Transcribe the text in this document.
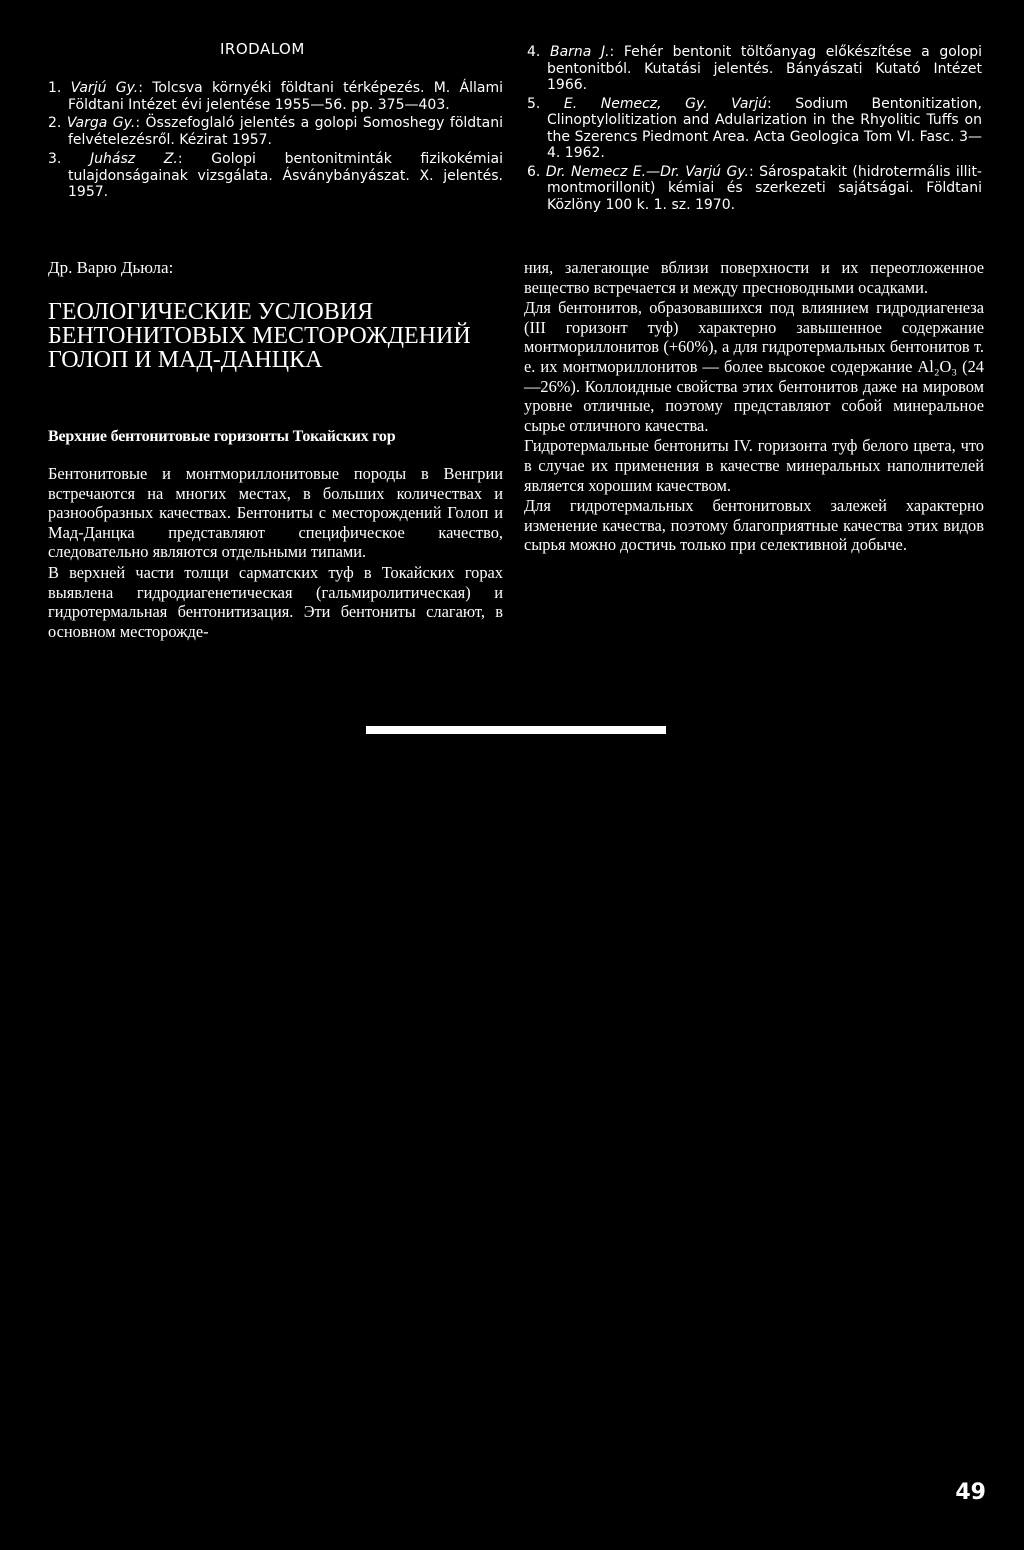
IRODALOM

1. Varjú Gy.: Tolcsva környéki földtani térképezés. M. Állami Földtani Intézet évi jelentése 1955—56. pp. 375—403.

2. Varga Gy.: Összefoglaló jelentés a golopi Somoshegy földtani felvételezésről. Kézirat 1957.

3. Juhász Z.: Golopi bentonitminták fizikokémiai tulajdonságainak vizsgálata. Ásványbányászat. X. jelentés. 1957.

4. Barna J.: Fehér bentonit töltőanyag előkészítése a golopi bentonitból. Kutatási jelentés. Bányászati Kutató Intézet 1966.

5. E. Nemecz, Gy. Varjú: Sodium Bentonitization, Clinoptylolitization and Adularization in the Rhyolitic Tuffs on the Szerencs Piedmont Area. Acta Geologica Tom VI. Fasc. 3—4. 1962.

6. Dr. Nemecz E.—Dr. Varjú Gy.: Sárospatakit (hidrotermális illit-montmorillonit) kémiai és szerkezeti sajátságai. Földtani Közlöny 100 k. 1. sz. 1970.

Др. Варю Дьюла:
ГЕОЛОГИЧЕСКИЕ УСЛОВИЯ БЕНТОНИТОВЫХ МЕСТОРОЖДЕНИЙ ГОЛОП И МАД-ДАНЦКА
Верхние бентонитовые горизонты Токайских гор

Бентонитовые и монтмориллонитовые породы в Венгрии встречаются на многих местах, в больших количествах и разнообразных качествах. Бентониты с месторождений Голоп и Мад-Данцка представляют специфическое качество, следовательно являются отдельными типами.

В верхней части толщи сарматских туф в Токайских горах выявлена гидродиагенетическая (гальмиролитическая) и гидротермальная бентонитизация. Эти бентониты слагают, в основном месторожде-

ния, залегающие вблизи поверхности и их переотложенное вещество встречается и между пресноводными осадками.

Для бентонитов, образовавшихся под влиянием гидродиагенеза (III горизонт туф) характерно завышенное содержание монтмориллонитов (+60%), а для гидротермальных бентонитов т. е. их монтмориллонитов — более высокое содержание Al₂O₃ (24—26%). Коллоидные свойства этих бентонитов даже на мировом уровне отличные, поэтому представляют собой минеральное сырье отличного качества.

Гидротермальные бентониты IV. горизонта туф белого цвета, что в случае их применения в качестве минеральных наполнителей является хорошим качеством.

Для гидротермальных бентонитовых залежей характерно изменение качества, поэтому благоприятные качества этих видов сырья можно достичь только при селективной добыче.

49
